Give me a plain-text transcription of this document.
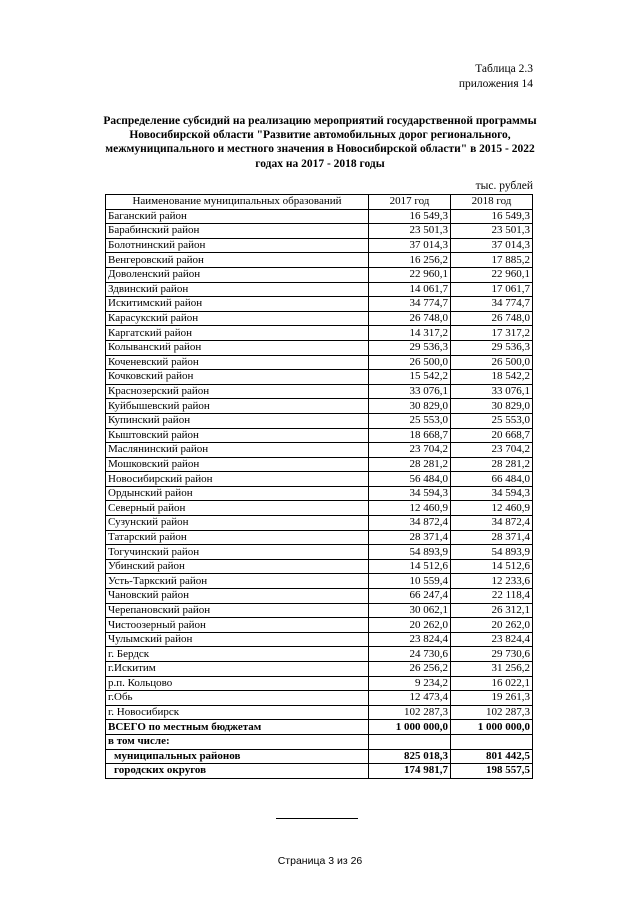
Таблица 2.3
приложения 14
Распределение субсидий на реализацию мероприятий государственной программы
Новосибирской области "Развитие автомобильных дорог регионального,
межмуниципального и местного значения в Новосибирской области" в 2015 - 2022
годах на 2017 - 2018 годы
тыс. рублей
Наименование муниципальных образований	2017 год	2018 год
Баганский район	16 549,3	16 549,3
Барабинский район	23 501,3	23 501,3
Болотнинский район	37 014,3	37 014,3
Венгеровский район	16 256,2	17 885,2
Доволенский район	22 960,1	22 960,1
Здвинский район	14 061,7	17 061,7
Искитимский район	34 774,7	34 774,7
Карасукский район	26 748,0	26 748,0
Каргатский район	14 317,2	17 317,2
Колыванский район	29 536,3	29 536,3
Коченевский район	26 500,0	26 500,0
Кочковский район	15 542,2	18 542,2
Краснозерский район	33 076,1	33 076,1
Куйбышевский район	30 829,0	30 829,0
Купинский район	25 553,0	25 553,0
Кыштовский район	18 668,7	20 668,7
Маслянинский район	23 704,2	23 704,2
Мошковский район	28 281,2	28 281,2
Новосибирский район	56 484,0	66 484,0
Ордынский район	34 594,3	34 594,3
Северный район	12 460,9	12 460,9
Сузунский район	34 872,4	34 872,4
Татарский район	28 371,4	28 371,4
Тогучинский район	54 893,9	54 893,9
Убинский район	14 512,6	14 512,6
Усть-Таркский район	10 559,4	12 233,6
Чановский район	66 247,4	22 118,4
Черепановский район	30 062,1	26 312,1
Чистоозерный район	20 262,0	20 262,0
Чулымский район	23 824,4	23 824,4
г. Бердск	24 730,6	29 730,6
г.Искитим	26 256,2	31 256,2
р.п. Кольцово	9 234,2	16 022,1
г.Обь	12 473,4	19 261,3
г. Новосибирск	102 287,3	102 287,3
ВСЕГО по местным бюджетам	1 000 000,0	1 000 000,0
в том числе:		
муниципальных районов	825 018,3	801 442,5
городских округов	174 981,7	198 557,5
Страница 3 из 26
